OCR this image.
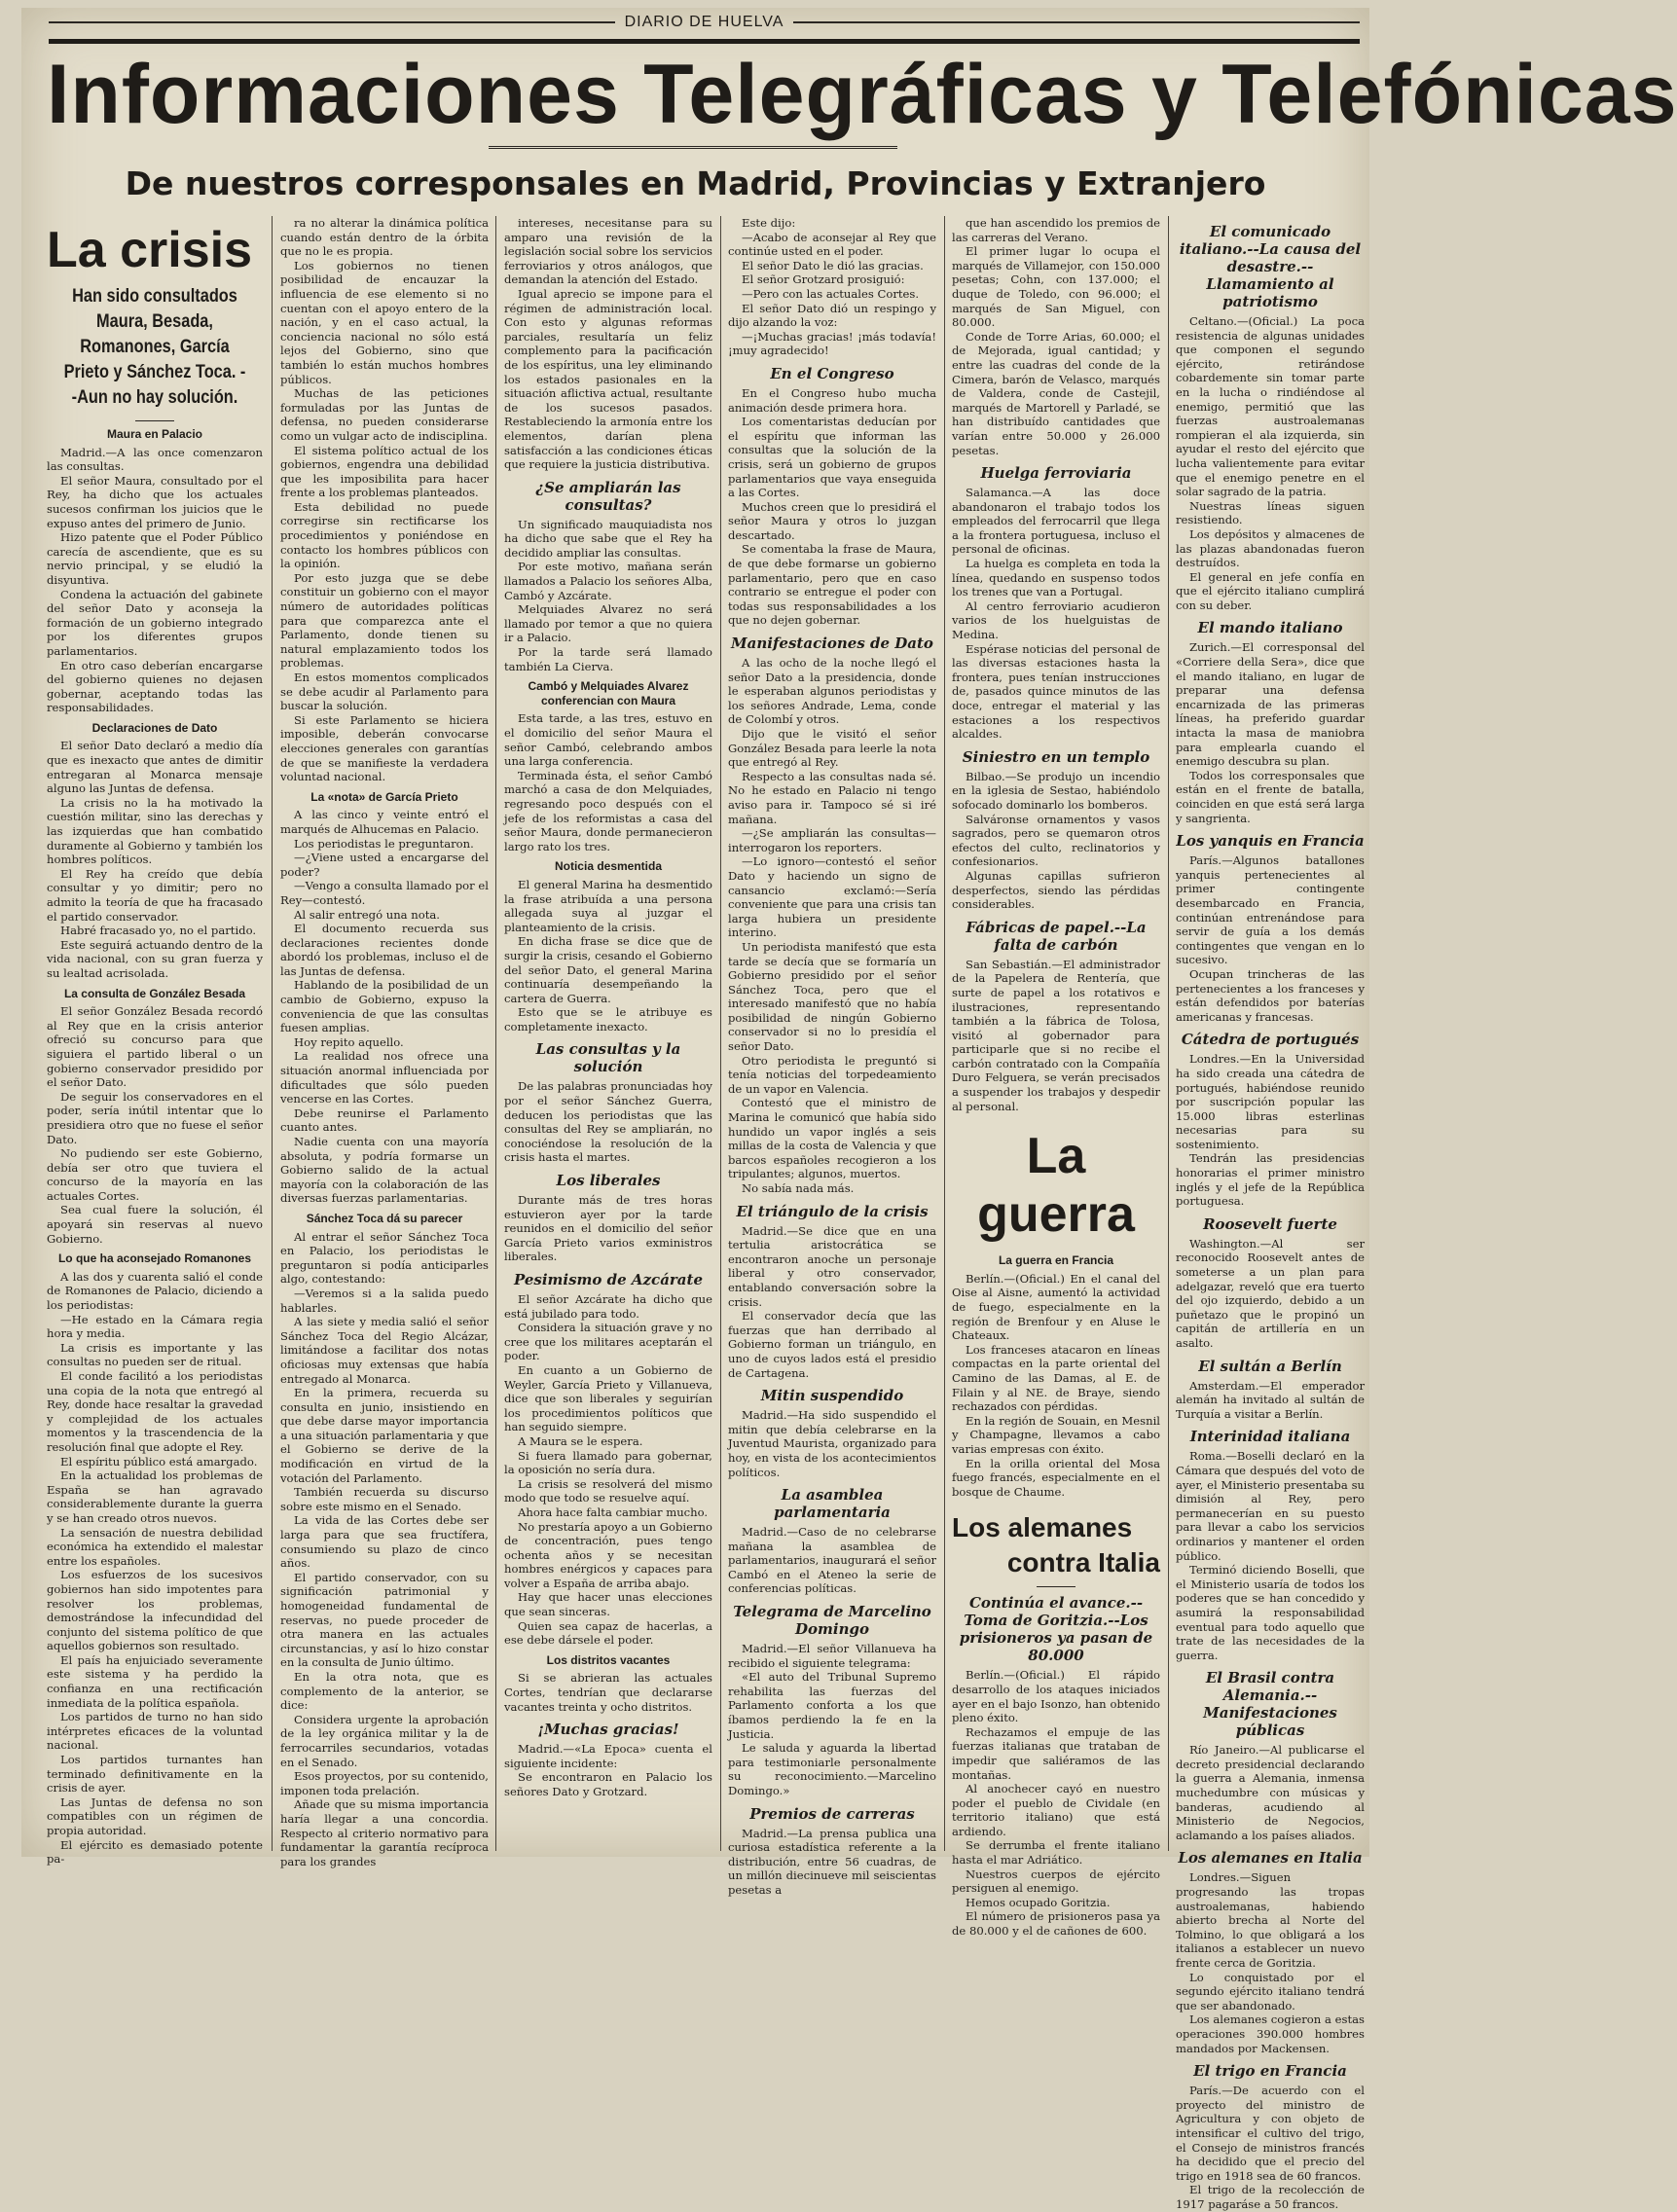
DIARIO DE HUELVA
Informaciones Telegráficas y Telefónicas
De nuestros corresponsales en Madrid, Provincias y Extranjero
La crisis
Han sido consultados Maura, Besada, Romanones, García Prieto y Sánchez Toca. --Aun no hay solución.
Maura en Palacio

Madrid.—A las once comenzaron las consultas.

El señor Maura, consultado por el Rey, ha dicho que los actuales sucesos confirman los juicios que le expuso antes del primero de Junio.

Hizo patente que el Poder Público carecía de ascendiente, que es su nervio principal, y se eludió la disyuntiva.

Condena la actuación del gabinete del señor Dato y aconseja la formación de un gobierno integrado por los diferentes grupos parlamentarios.

En otro caso deberían encargarse del gobierno quienes no dejasen gobernar, aceptando todas las responsabilidades.

Declaraciones de Dato

El señor Dato declaró a medio día que es inexacto que antes de dimitir entregaran al Monarca mensaje alguno las Juntas de defensa.

La crisis no la ha motivado la cuestión militar, sino las derechas y las izquierdas que han combatido duramente al Gobierno y también los hombres políticos.

El Rey ha creído que debía consultar y yo dimitir; pero no admito la teoría de que ha fracasado el partido conservador.

Habré fracasado yo, no el partido.

Este seguirá actuando dentro de la vida nacional, con su gran fuerza y su lealtad acrisolada.

La consulta de González Besada

El señor González Besada recordó al Rey que en la crisis anterior ofreció su concurso para que siguiera el partido liberal o un gobierno conservador presidido por el señor Dato.

De seguir los conservadores en el poder, sería inútil intentar que lo presidiera otro que no fuese el señor Dato.

No pudiendo ser este Gobierno, debía ser otro que tuviera el concurso de la mayoría en las actuales Cortes.

Sea cual fuere la solución, él apoyará sin reservas al nuevo Gobierno.

Lo que ha aconsejado Romanones

A las dos y cuarenta salió el conde de Romanones de Palacio, diciendo a los periodistas:

—He estado en la Cámara regia hora y media.

La crisis es importante y las consultas no pueden ser de ritual.

El conde facilitó a los periodistas una copia de la nota que entregó al Rey, donde hace resaltar la gravedad y complejidad de los actuales momentos y la trascendencia de la resolución final que adopte el Rey.

El espíritu público está amargado.

En la actualidad los problemas de España se han agravado considerablemente durante la guerra y se han creado otros nuevos.

La sensación de nuestra debilidad económica ha extendido el malestar entre los españoles.

Los esfuerzos de los sucesivos gobiernos han sido impotentes para resolver los problemas, demostrándose la infecundidad del conjunto del sistema político de que aquellos gobiernos son resultado.

El país ha enjuiciado severamente este sistema y ha perdido la confianza en una rectificación inmediata de la política española.

Los partidos de turno no han sido intérpretes eficaces de la voluntad nacional.

Los partidos turnantes han terminado definitivamente en la crisis de ayer.

Las Juntas de defensa no son compatibles con un régimen de propia autoridad.

El ejército es demasiado potente pa-

ra no alterar la dinámica política cuando están dentro de la órbita que no le es propia.

Los gobiernos no tienen posibilidad de encauzar la influencia de ese elemento si no cuentan con el apoyo entero de la nación, y en el caso actual, la conciencia nacional no sólo está lejos del Gobierno, sino que también lo están muchos hombres públicos.

Muchas de las peticiones formuladas por las Juntas de defensa, no pueden considerarse como un vulgar acto de indisciplina.

El sistema político actual de los gobiernos, engendra una debilidad que les imposibilita para hacer frente a los problemas planteados.

Esta debilidad no puede corregirse sin rectificarse los procedimientos y poniéndose en contacto los hombres públicos con la opinión.

Por esto juzga que se debe constituir un gobierno con el mayor número de autoridades políticas para que comparezca ante el Parlamento, donde tienen su natural emplazamiento todos los problemas.

En estos momentos complicados se debe acudir al Parlamento para buscar la solución.

Si este Parlamento se hiciera imposible, deberán convocarse elecciones generales con garantías de que se manifieste la verdadera voluntad nacional.

La «nota» de García Prieto

A las cinco y veinte entró el marqués de Alhucemas en Palacio.

Los periodistas le preguntaron.

—¿Viene usted a encargarse del poder?

—Vengo a consulta llamado por el Rey—contestó.

Al salir entregó una nota.

El documento recuerda sus declaraciones recientes donde abordó los problemas, incluso el de las Juntas de defensa.

Hablando de la posibilidad de un cambio de Gobierno, expuso la conveniencia de que las consultas fuesen amplias.

Hoy repito aquello.

La realidad nos ofrece una situación anormal influenciada por dificultades que sólo pueden vencerse en las Cortes.

Debe reunirse el Parlamento cuanto antes.

Nadie cuenta con una mayoría absoluta, y podría formarse un Gobierno salido de la actual mayoría con la colaboración de las diversas fuerzas parlamentarias.

Sánchez Toca dá su parecer

Al entrar el señor Sánchez Toca en Palacio, los periodistas le preguntaron si podía anticiparles algo, contestando:

—Veremos si a la salida puedo hablarles.

A las siete y media salió el señor Sánchez Toca del Regio Alcázar, limitándose a facilitar dos notas oficiosas muy extensas que había entregado al Monarca.

En la primera, recuerda su consulta en junio, insistiendo en que debe darse mayor importancia a una situación parlamentaria y que el Gobierno se derive de la modificación en virtud de la votación del Parlamento.

También recuerda su discurso sobre este mismo en el Senado.

La vida de las Cortes debe ser larga para que sea fructífera, consumiendo su plazo de cinco años.

El partido conservador, con su significación patrimonial y homogeneidad fundamental de reservas, no puede proceder de otra manera en las actuales circunstancias, y así lo hizo constar en la consulta de Junio último.

En la otra nota, que es complemento de la anterior, se dice:

Considera urgente la aprobación de la ley orgánica militar y la de ferrocarriles secundarios, votadas en el Senado.

Esos proyectos, por su contenido, imponen toda prelación.

Añade que su misma importancia haría llegar a una concordia. Respecto al criterio normativo para fundamentar la garantía recíproca para los grandes

intereses, necesitanse para su amparo una revisión de la legislación social sobre los servicios ferroviarios y otros análogos, que demandan la atención del Estado.

Igual aprecio se impone para el régimen de administración local. Con esto y algunas reformas parciales, resultaría un feliz complemento para la pacificación de los espíritus, una ley eliminando los estados pasionales en la situación aflictiva actual, resultante de los sucesos pasados. Restableciendo la armonía entre los elementos, darían plena satisfacción a las condiciones éticas que requiere la justicia distributiva.

¿Se ampliarán las consultas?

Un significado mauquiadista nos ha dicho que sabe que el Rey ha decidido ampliar las consultas.

Por este motivo, mañana serán llamados a Palacio los señores Alba, Cambó y Azcárate.

Melquiades Alvarez no será llamado por temor a que no quiera ir a Palacio.

Por la tarde será llamado también La Cierva.

Cambó y Melquiades Alvarez conferencian con Maura

Esta tarde, a las tres, estuvo en el domicilio del señor Maura el señor Cambó, celebrando ambos una larga conferencia.

Terminada ésta, el señor Cambó marchó a casa de don Melquiades, regresando poco después con el jefe de los reformistas a casa del señor Maura, donde permanecieron largo rato los tres.

Noticia desmentida

El general Marina ha desmentido la frase atribuída a una persona allegada suya al juzgar el planteamiento de la crisis.

En dicha frase se dice que de surgir la crisis, cesando el Gobierno del señor Dato, el general Marina continuaría desempeñando la cartera de Guerra.

Esto que se le atribuye es completamente inexacto.

Las consultas y la solución

De las palabras pronunciadas hoy por el señor Sánchez Guerra, deducen los periodistas que las consultas del Rey se ampliarán, no conociéndose la resolución de la crisis hasta el martes.

Los liberales

Durante más de tres horas estuvieron ayer por la tarde reunidos en el domicilio del señor García Prieto varios exministros liberales.

Pesimismo de Azcárate

El señor Azcárate ha dicho que está jubilado para todo.

Considera la situación grave y no cree que los militares aceptarán el poder.

En cuanto a un Gobierno de Weyler, García Prieto y Villanueva, dice que son liberales y seguirían los procedimientos políticos que han seguido siempre.

A Maura se le espera.

Si fuera llamado para gobernar, la oposición no sería dura.

La crisis se resolverá del mismo modo que todo se resuelve aquí.

Ahora hace falta cambiar mucho.

No prestaría apoyo a un Gobierno de concentración, pues tengo ochenta años y se necesitan hombres enérgicos y capaces para volver a España de arriba abajo.

Hay que hacer unas elecciones que sean sinceras.

Quien sea capaz de hacerlas, a ese debe dársele el poder.

Los distritos vacantes

Si se abrieran las actuales Cortes, tendrían que declararse vacantes treinta y ocho distritos.

¡Muchas gracias!

Madrid.—«La Epoca» cuenta el siguiente incidente:

Se encontraron en Palacio los señores Dato y Grotzard.

Este dijo:

—Acabo de aconsejar al Rey que continúe usted en el poder.

El señor Dato le dió las gracias.

El señor Grotzard prosiguió:

—Pero con las actuales Cortes.

El señor Dato dió un respingo y dijo alzando la voz:

—¡Muchas gracias! ¡más todavía! ¡muy agradecido!

En el Congreso

En el Congreso hubo mucha animación desde primera hora.

Los comentaristas deducían por el espíritu que informan las consultas que la solución de la crisis, será un gobierno de grupos parlamentarios que vaya enseguida a las Cortes.

Muchos creen que lo presidirá el señor Maura y otros lo juzgan descartado.

Se comentaba la frase de Maura, de que debe formarse un gobierno parlamentario, pero que en caso contrario se entregue el poder con todas sus responsabilidades a los que no dejen gobernar.

Manifestaciones de Dato

A las ocho de la noche llegó el señor Dato a la presidencia, donde le esperaban algunos periodistas y los señores Andrade, Lema, conde de Colombí y otros.

Dijo que le visitó el señor González Besada para leerle la nota que entregó al Rey.

Respecto a las consultas nada sé. No he estado en Palacio ni tengo aviso para ir. Tampoco sé si iré mañana.

—¿Se ampliarán las consultas—interrogaron los reporters.

—Lo ignoro—contestó el señor Dato y haciendo un signo de cansancio exclamó:—Sería conveniente que para una crisis tan larga hubiera un presidente interino.

Un periodista manifestó que esta tarde se decía que se formaría un Gobierno presidido por el señor Sánchez Toca, pero que el interesado manifestó que no había posibilidad de ningún Gobierno conservador si no lo presidía el señor Dato.

Otro periodista le preguntó si tenía noticias del torpedeamiento de un vapor en Valencia.

Contestó que el ministro de Marina le comunicó que había sido hundido un vapor inglés a seis millas de la costa de Valencia y que barcos españoles recogieron a los tripulantes; algunos, muertos.

No sabía nada más.

El triángulo de la crisis

Madrid.—Se dice que en una tertulia aristocrática se encontraron anoche un personaje liberal y otro conservador, entablando conversación sobre la crisis.

El conservador decía que las fuerzas que han derribado al Gobierno forman un triángulo, en uno de cuyos lados está el presidio de Cartagena.

Mitin suspendido

Madrid.—Ha sido suspendido el mitin que debía celebrarse en la Juventud Maurista, organizado para hoy, en vista de los acontecimientos políticos.

La asamblea parlamentaria

Madrid.—Caso de no celebrarse mañana la asamblea de parlamentarios, inaugurará el señor Cambó en el Ateneo la serie de conferencias políticas.

Telegrama de Marcelino Domingo

Madrid.—El señor Villanueva ha recibido el siguiente telegrama:

«El auto del Tribunal Supremo rehabilita las fuerzas del Parlamento conforta a los que íbamos perdiendo la fe en la Justicia.

Le saluda y aguarda la libertad para testimoniarle personalmente su reconocimiento.—Marcelino Domingo.»

Premios de carreras

Madrid.—La prensa publica una curiosa estadística referente a la distribución, entre 56 cuadras, de un millón diecinueve mil seiscientas pesetas a

que han ascendido los premios de las carreras del Verano.

El primer lugar lo ocupa el marqués de Villamejor, con 150.000 pesetas; Cohn, con 137.000; el duque de Toledo, con 96.000; el marqués de San Miguel, con 80.000.

Conde de Torre Arias, 60.000; el de Mejorada, igual cantidad; y entre las cuadras del conde de la Cimera, barón de Velasco, marqués de Valdera, conde de Castejil, marqués de Martorell y Parladé, se han distribuído cantidades que varían entre 50.000 y 26.000 pesetas.

Huelga ferroviaria

Salamanca.—A las doce abandonaron el trabajo todos los empleados del ferrocarril que llega a la frontera portuguesa, incluso el personal de oficinas.

La huelga es completa en toda la línea, quedando en suspenso todos los trenes que van a Portugal.

Al centro ferroviario acudieron varios de los huelguistas de Medina.

Espérase noticias del personal de las diversas estaciones hasta la frontera, pues tenían instrucciones de, pasados quince minutos de las doce, entregar el material y las estaciones a los respectivos alcaldes.

Siniestro en un templo

Bilbao.—Se produjo un incendio en la iglesia de Sestao, habiéndolo sofocado dominarlo los bomberos.

Salváronse ornamentos y vasos sagrados, pero se quemaron otros efectos del culto, reclinatorios y confesionarios.

Algunas capillas sufrieron desperfectos, siendo las pérdidas considerables.

Fábricas de papel.--La falta de carbón

San Sebastián.—El administrador de la Papelera de Rentería, que surte de papel a los rotativos e ilustraciones, representando también a la fábrica de Tolosa, visitó al gobernador para participarle que si no recibe el carbón contratado con la Compañía Duro Felguera, se verán precisados a suspender los trabajos y despedir al personal.

La guerra
La guerra en Francia

Berlín.—(Oficial.) En el canal del Oise al Aisne, aumentó la actividad de fuego, especialmente en la región de Brenfour y en Aluse le Chateaux.

Los franceses atacaron en líneas compactas en la parte oriental del Camino de las Damas, al E. de Filain y al NE. de Braye, siendo rechazados con pérdidas.

En la región de Souain, en Mesnil y Champagne, llevamos a cabo varias empresas con éxito.

En la orilla oriental del Mosa fuego francés, especialmente en el bosque de Chaume.

Los alemanes
contra Italia
Continúa el avance.--Toma de Goritzia.--Los prisioneros ya pasan de 80.000

Berlín.—(Oficial.) El rápido desarrollo de los ataques iniciados ayer en el bajo Isonzo, han obtenido pleno éxito.

Rechazamos el empuje de las fuerzas italianas que trataban de impedir que saliéramos de las montañas.

Al anochecer cayó en nuestro poder el pueblo de Cividale (en territorio italiano) que está ardiendo.

Se derrumba el frente italiano hasta el mar Adriático.

Nuestros cuerpos de ejército persiguen al enemigo.

Hemos ocupado Goritzia.

El número de prisioneros pasa ya de 80.000 y el de cañones de 600.

El comunicado italiano.--La causa del desastre.--Llamamiento al patriotismo

Celtano.—(Oficial.) La poca resistencia de algunas unidades que componen el segundo ejército, retirándose cobardemente sin tomar parte en la lucha o rindiéndose al enemigo, permitió que las fuerzas austroalemanas rompieran el ala izquierda, sin ayudar el resto del ejército que lucha valientemente para evitar que el enemigo penetre en el solar sagrado de la patria.

Nuestras líneas siguen resistiendo.

Los depósitos y almacenes de las plazas abandonadas fueron destruídos.

El general en jefe confía en que el ejército italiano cumplirá con su deber.

El mando italiano

Zurich.—El corresponsal del «Corriere della Sera», dice que el mando italiano, en lugar de preparar una defensa encarnizada de las primeras líneas, ha preferido guardar intacta la masa de maniobra para emplearla cuando el enemigo descubra su plan.

Todos los corresponsales que están en el frente de batalla, coinciden en que está será larga y sangrienta.

Los yanquis en Francia

París.—Algunos batallones yanquis pertenecientes al primer contingente desembarcado en Francia, continúan entrenándose para servir de guía a los demás contingentes que vengan en lo sucesivo.

Ocupan trincheras de las pertenecientes a los franceses y están defendidos por baterías americanas y francesas.

Cátedra de portugués

Londres.—En la Universidad ha sido creada una cátedra de portugués, habiéndose reunido por suscripción popular las 15.000 libras esterlinas necesarias para su sostenimiento.

Tendrán las presidencias honorarias el primer ministro inglés y el jefe de la República portuguesa.

Roosevelt fuerte

Washington.—Al ser reconocido Roosevelt antes de someterse a un plan para adelgazar, reveló que era tuerto del ojo izquierdo, debido a un puñetazo que le propinó un capitán de artillería en un asalto.

El sultán a Berlín

Amsterdam.—El emperador alemán ha invitado al sultán de Turquía a visitar a Berlín.

Interinidad italiana

Roma.—Boselli declaró en la Cámara que después del voto de ayer, el Ministerio presentaba su dimisión al Rey, pero permanecerían en su puesto para llevar a cabo los servicios ordinarios y mantener el orden público.

Terminó diciendo Boselli, que el Ministerio usaría de todos los poderes que se han concedido y asumirá la responsabilidad eventual para todo aquello que trate de las necesidades de la guerra.

El Brasil contra Alemania.--Manifestaciones públicas

Río Janeiro.—Al publicarse el decreto presidencial declarando la guerra a Alemania, inmensa muchedumbre con músicas y banderas, acudiendo al Ministerio de Negocios, aclamando a los países aliados.

Los alemanes en Italia

Londres.—Siguen progresando las tropas austroalemanas, habiendo abierto brecha al Norte del Tolmino, lo que obligará a los italianos a establecer un nuevo frente cerca de Goritzia.

Lo conquistado por el segundo ejército italiano tendrá que ser abandonado.

Los alemanes cogieron a estas operaciones 390.000 hombres mandados por Mackensen.

El trigo en Francia

París.—De acuerdo con el proyecto del ministro de Agricultura y con objeto de intensificar el cultivo del trigo, el Consejo de ministros francés ha decidido que el precio del trigo en 1918 sea de 60 francos.

El trigo de la recolección de 1917 pagaráse a 50 francos.
